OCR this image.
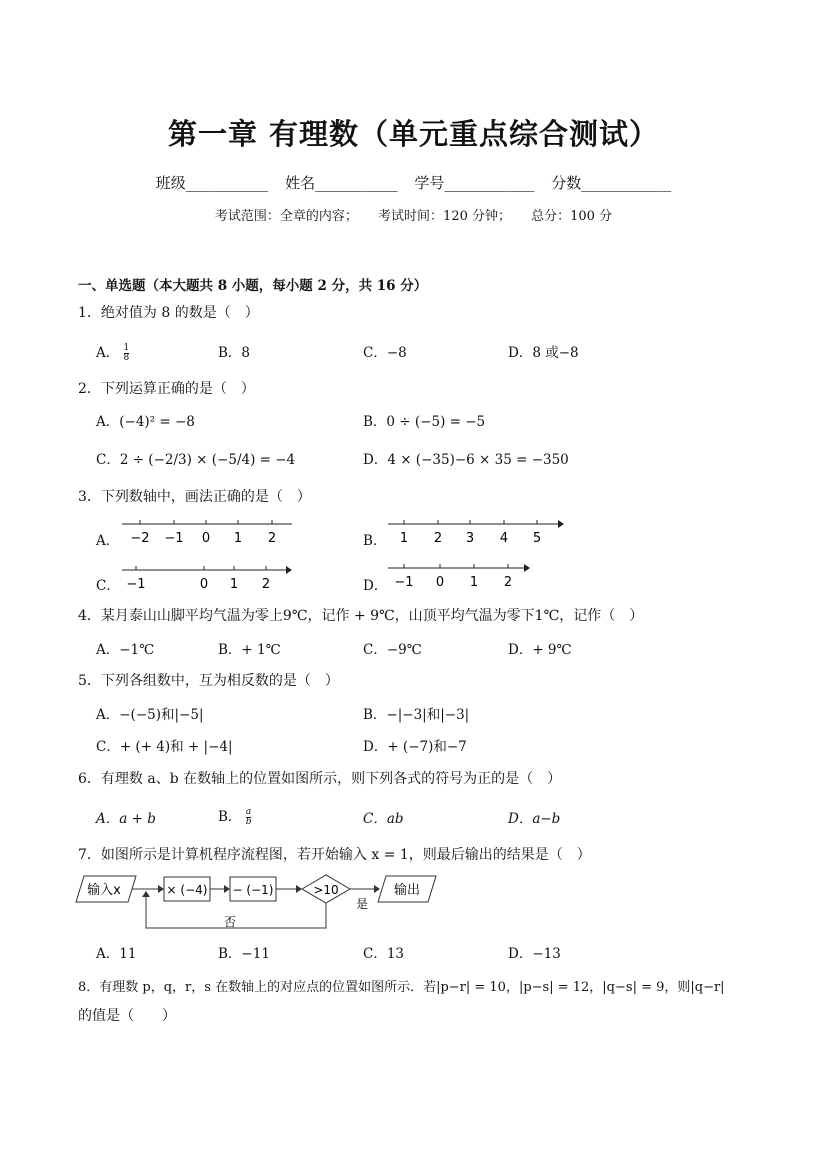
第一章 有理数（单元重点综合测试）
班级___________ 姓名___________ 学号____________ 分数____________
考试范围：全章的内容； 考试时间：120 分钟； 总分：100 分
一、单选题（本大题共 8 小题，每小题 2 分，共 16 分）
1．绝对值为 8 的数是（　）
A． $\frac{1}{8}$	B．8	C．−8	D．8 或−8
2．下列运算正确的是（　）
A．(−4)² = −8	B．0 ÷ (−5) = −5
C．2 ÷ (−2/3) × (−5/4) = −4	D．4 × (−35)−6 × 35 = −350
3．下列数轴中，画法正确的是（　）
A．	B．
C．	D．
−2 −1 0 1 2	1 2 3 4 5
−1	0 1 2	−1 0 1 2
4．某月泰山山脚平均气温为零上9℃，记作 + 9℃，山顶平均气温为零下1℃，记作（　）
A．−1℃	B．+ 1℃	C．−9℃	D．+ 9℃
5．下列各组数中，互为相反数的是（　）
A．−(−5)和|−5|	B．−|−3|和|−3|
C．+ (+ 4)和 + |−4|	D．+ (−7)和−7
6．有理数 a、b 在数轴上的位置如图所示，则下列各式的符号为正的是（　）
A．a + b	B． $\frac{a}{b}$	C．ab	D．a−b
7．如图所示是计算机程序流程图，若开始输入 x = 1，则最后输出的结果是（　）
输入x	× (−4) − (−1)	>10
是
输出
否
A．11	B．−11	C．13	D．−13
8．有理数 p，q，r，s 在数轴上的对应点的位置如图所示．若|p−r| = 10，|p−s| = 12，|q−s| = 9，则|q−r|
的值是（　　）
